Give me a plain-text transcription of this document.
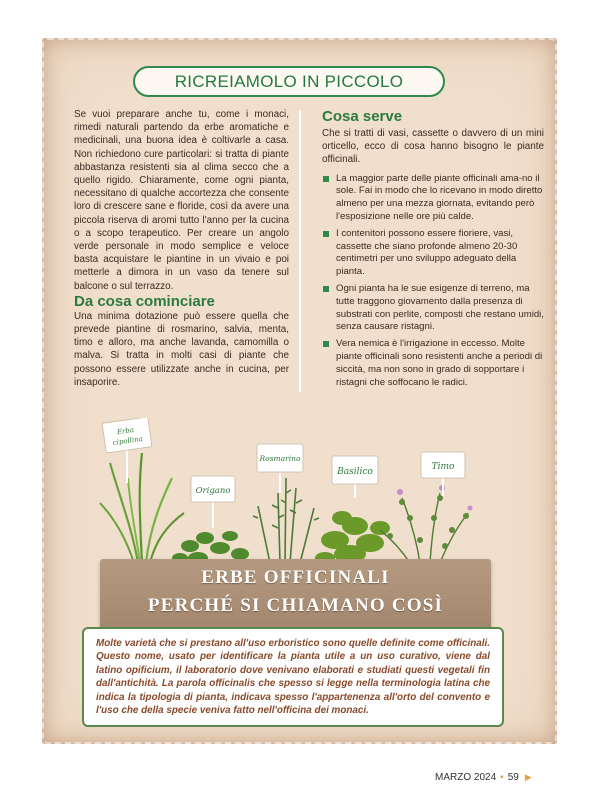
RICREIAMOLO IN PICCOLO

Se vuoi preparare anche tu, come i monaci, rimedi naturali partendo da erbe aromatiche e medicinali, una buona idea è coltivarle a casa. Non richiedono cure particolari: si tratta di piante abbastanza resistenti sia al clima secco che a quello rigido. Chiaramente, come ogni pianta, necessitano di qualche accortezza che consente loro di crescere sane e floride, così da avere una piccola riserva di aromi tutto l'anno per la cucina o a scopo terapeutico. Per creare un angolo verde personale in modo semplice e veloce basta acquistare le piantine in un vivaio e poi metterle a dimora in un vaso da tenere sul balcone o sul terrazzo.

Da cosa cominciare

Una minima dotazione può essere quella che prevede piantine di rosmarino, salvia, menta, timo e alloro, ma anche lavanda, camomilla o malva. Si tratta in molti casi di piante che possono essere utilizzate anche in cucina, per insaporire.

Cosa serve

Che si tratti di vasi, cassette o davvero di un mini orticello, ecco di cosa hanno bisogno le piante officinali.

La maggior parte delle piante officinali ama-no il sole. Fai in modo che lo ricevano in modo diretto almeno per una mezza giornata, evitando però l'esposizione nelle ore più calde.
I contenitori possono essere fioriere, vasi, cassette che siano profonde almeno 20-30 centimetri per uno sviluppo adeguato della pianta.
Ogni pianta ha le sue esigenze di terreno, ma tutte traggono giovamento dalla presenza di substrati con perlite, composti che restano umidi, senza causare ristagni.
Vera nemica è l'irrigazione in eccesso. Molte piante officinali sono resistenti anche a periodi di siccità, ma non sono in grado di sopportare i ristagni che soffocano le radici.
Erba
cipollina
Origano
Rosmarino
Basilico	Timo
ERBE OFFICINALI
PERCHÉ SI CHIAMANO COSÌ

Molte varietà che si prestano all'uso erboristico sono quelle definite come officinali. Questo nome, usato per identificare la pianta utile a un uso curativo, viene dal latino opificium, il laboratorio dove venivano elaborati e studiati questi vegetali fin dall'antichità. La parola officinalis che spesso si legge nella terminologia latina che indica la tipologia di pianta, indicava spesso l'appartenenza all'orto del convento e l'uso che della specie veniva fatto nell'officina dei monaci.

MARZO 2024 ▪ 59 ▶
